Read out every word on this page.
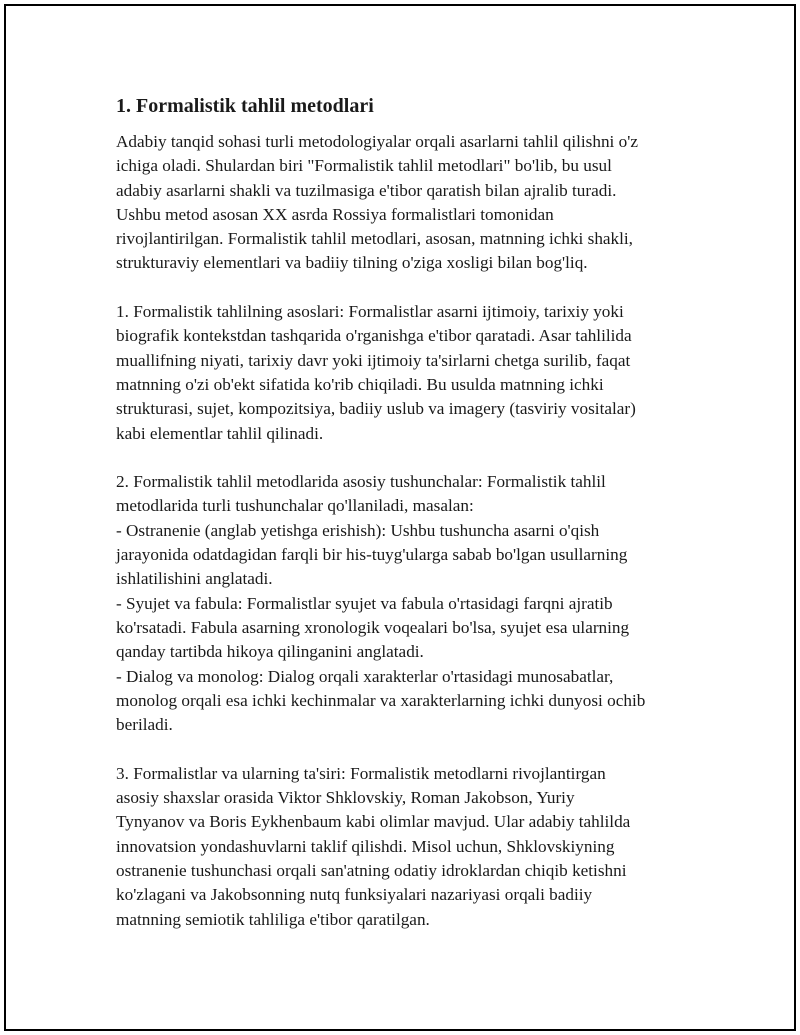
1. Formalistik tahlil metodlari
Adabiy tanqid sohasi turli metodologiyalar orqali asarlarni tahlil qilishni o'z
ichiga oladi. Shulardan biri "Formalistik tahlil metodlari" bo'lib, bu usul
adabiy asarlarni shakli va tuzilmasiga e'tibor qaratish bilan ajralib turadi.
Ushbu metod asosan XX asrda Rossiya formalistlari tomonidan
rivojlantirilgan. Formalistik tahlil metodlari, asosan, matnning ichki shakli,
strukturaviy elementlari va badiiy tilning o'ziga xosligi bilan bog'liq.
1. Formalistik tahlilning asoslari: Formalistlar asarni ijtimoiy, tarixiy yoki
biografik kontekstdan tashqarida o'rganishga e'tibor qaratadi. Asar tahlilida
muallifning niyati, tarixiy davr yoki ijtimoiy ta'sirlarni chetga surilib, faqat
matnning o'zi ob'ekt sifatida ko'rib chiqiladi. Bu usulda matnning ichki
strukturasi, sujet, kompozitsiya, badiiy uslub va imagery (tasviriy vositalar)
kabi elementlar tahlil qilinadi.
2. Formalistik tahlil metodlarida asosiy tushunchalar: Formalistik tahlil
metodlarida turli tushunchalar qo'llaniladi, masalan:
- Ostranenie (anglab yetishga erishish): Ushbu tushuncha asarni o'qish
jarayonida odatdagidan farqli bir his-tuyg'ularga sabab bo'lgan usullarning
ishlatilishini anglatadi.
- Syujet va fabula: Formalistlar syujet va fabula o'rtasidagi farqni ajratib
ko'rsatadi. Fabula asarning xronologik voqealari bo'lsa, syujet esa ularning
qanday tartibda hikoya qilinganini anglatadi.
- Dialog va monolog: Dialog orqali xarakterlar o'rtasidagi munosabatlar,
monolog orqali esa ichki kechinmalar va xarakterlarning ichki dunyosi ochib
beriladi.
3. Formalistlar va ularning ta'siri: Formalistik metodlarni rivojlantirgan
asosiy shaxslar orasida Viktor Shklovskiy, Roman Jakobson, Yuriy
Tynyanov va Boris Eykhenbaum kabi olimlar mavjud. Ular adabiy tahlilda
innovatsion yondashuvlarni taklif qilishdi. Misol uchun, Shklovskiyning
ostranenie tushunchasi orqali san'atning odatiy idroklardan chiqib ketishni
ko'zlagani va Jakobsonning nutq funksiyalari nazariyasi orqali badiiy
matnning semiotik tahliliga e'tibor qaratilgan.
